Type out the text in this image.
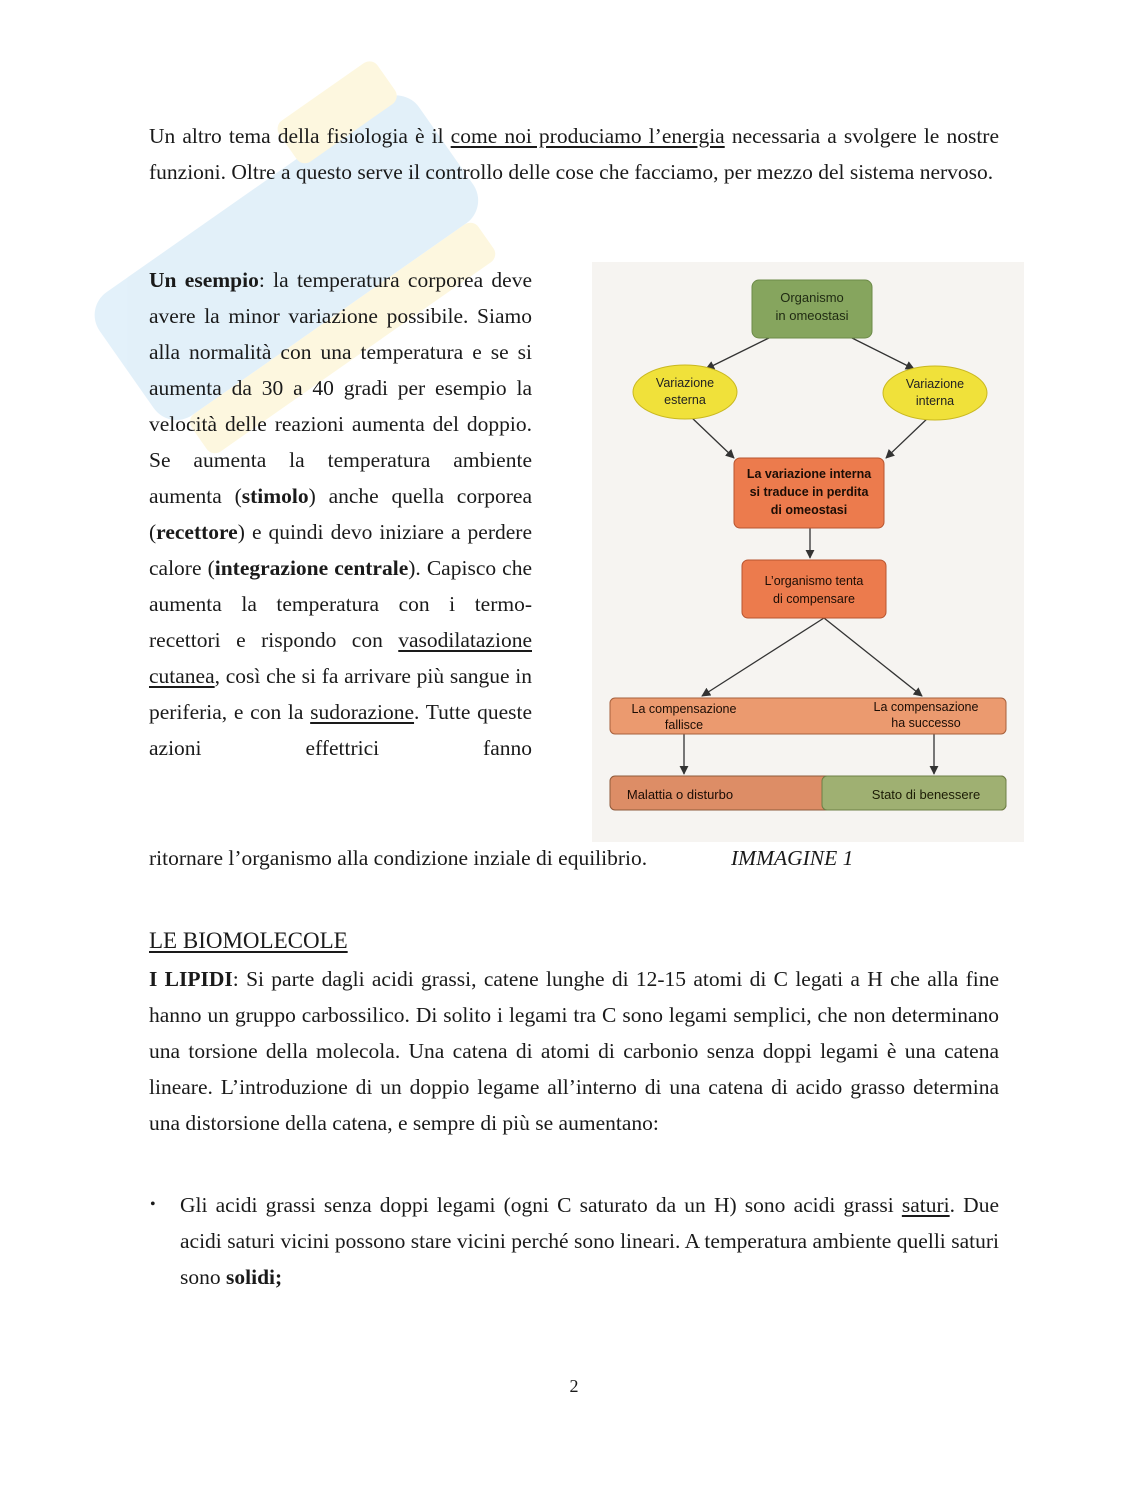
Un altro tema della fisiologia è il come noi produciamo l’energia necessaria a svolgere le nostre funzioni. Oltre a questo serve il controllo delle cose che facciamo, per mezzo del sistema nervoso.

Un esempio: la temperatura corporea deve avere la minor variazione possibile. Siamo alla normalità con una temperatura e se si aumenta da 30 a 40 gradi per esempio la velocità delle reazioni aumenta del doppio. Se aumenta la temperatura ambiente aumenta (stimolo) anche quella corporea (recettore) e quindi devo iniziare a perdere calore (integrazione centrale). Capisco che aumenta la temperatura con i termo-recettori e rispondo con vasodilatazione cutanea, così che si fa arrivare più sangue in periferia, e con la sudorazione. Tutte queste azioni effettrici fanno

Organismo
in omeostasi
Variazione
esterna
Variazione
interna
La variazione interna
si traduce in perdita
di omeostasi
L’organismo tenta
di compensare
La compensazione
fallisce
La compensazione
ha successo
Malattia o disturbo	Stato di benessere
ritornare l’organismo alla condizione inziale di equilibrio.	IMMAGINE 1
LE BIOMOLECOLE

I LIPIDI: Si parte dagli acidi grassi, catene lunghe di 12-15 atomi di C legati a H che alla fine hanno un gruppo carbossilico. Di solito i legami tra C sono legami semplici, che non determinano una torsione della molecola. Una catena di atomi di carbonio senza doppi legami è una catena lineare. L’introduzione di un doppio legame all’interno di una catena di acido grasso determina una distorsione della catena, e sempre di più se aumentano:

• Gli acidi grassi senza doppi legami (ogni C saturato da un H) sono acidi grassi saturi. Due acidi saturi vicini possono stare vicini perché sono lineari. A temperatura ambiente quelli saturi sono solidi;

2
